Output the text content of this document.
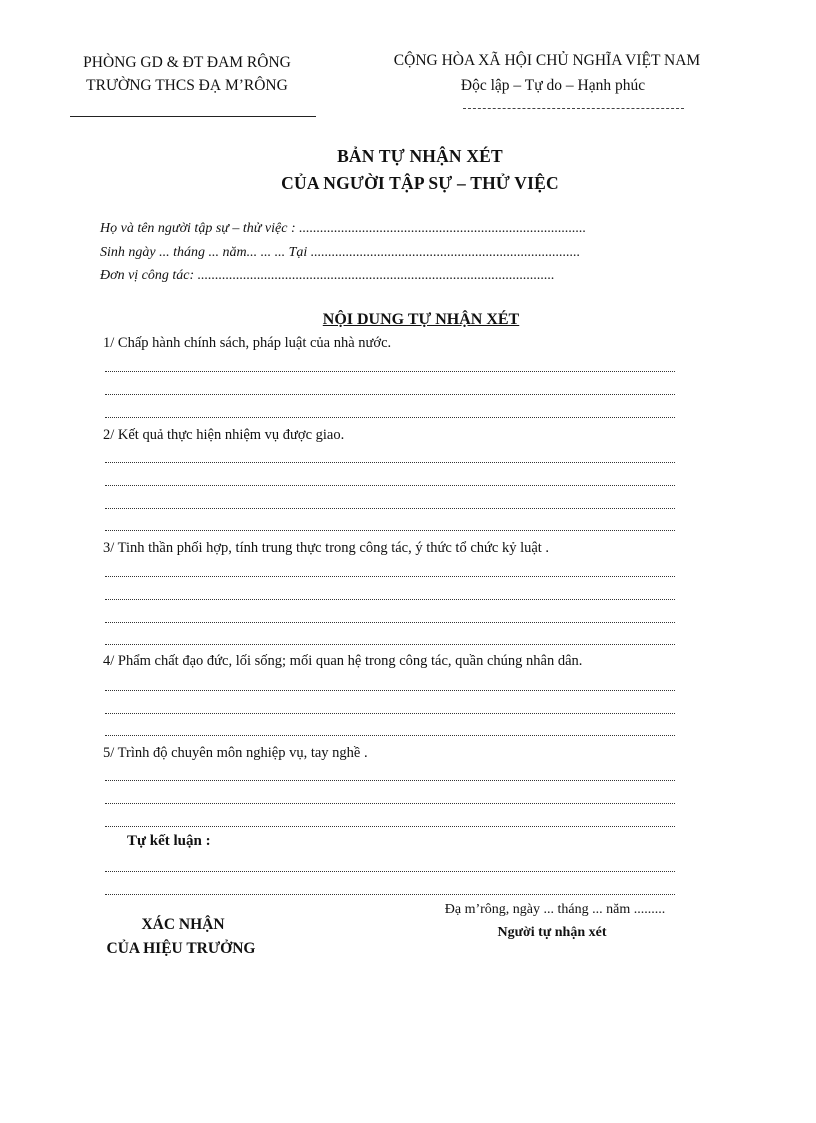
PHÒNG GD & ĐT ĐAM RÔNG
TRƯỜNG THCS ĐẠ M’RÔNG
CỘNG HÒA XÃ HỘI CHỦ NGHĨA VIỆT NAM
Độc lập – Tự do – Hạnh phúc
BẢN TỰ NHẬN XÉT
CỦA NGƯỜI TẬP SỰ – THỬ VIỆC
Họ và tên người tập sự – thử việc : ..................................................................................
Sinh ngày ... tháng ... năm... ... ... Tại .............................................................................
Đơn vị công tác: ......................................................................................................
NỘI DUNG TỰ NHẬN XÉT
1/ Chấp hành chính sách, pháp luật của nhà nước.
2/ Kết quả thực hiện nhiệm vụ được giao.
3/ Tinh thần phối hợp, tính trung thực trong công tác, ý thức tổ chức kỷ luật .
4/ Phẩm chất đạo đức, lối sống; mối quan hệ trong công tác, quần chúng nhân dân.
5/ Trình độ chuyên môn nghiệp vụ, tay nghề .
Tự kết luận :
XÁC NHẬN
CỦA HIỆU TRƯỞNG
Đạ m’rông, ngày ... tháng ... năm .........
Người tự nhận xét
